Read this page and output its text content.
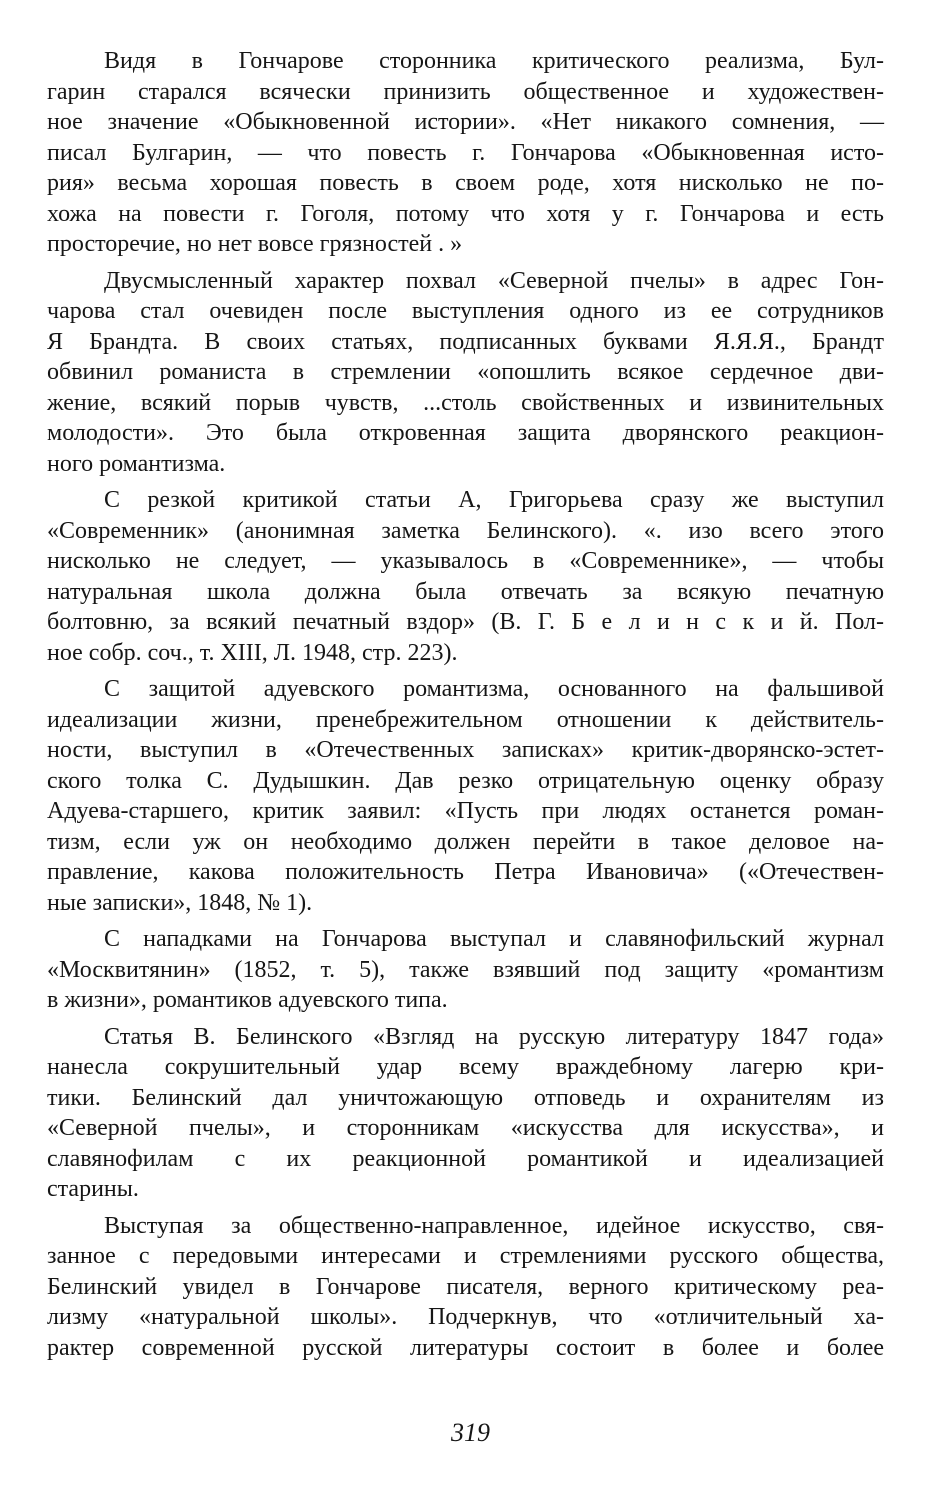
Видя в Гончарове сторонника критического реализма, Бул-
гарин старался всячески принизить общественное и художествен-
ное значение «Обыкновенной истории». «Нет никакого сомнения, —
писал Булгарин, — что повесть г. Гончарова «Обыкновенная исто-
рия» весьма хорошая повесть в своем роде, хотя нисколько не по-
хожа на повести г. Гоголя, потому что хотя у г. Гончарова и есть
простоpечие, но нет вовсе грязностей . »
Двусмысленный характер похвал «Северной пчелы» в адрес Гон-
чарова стал очевиден после выступления одного из ее сотрудников
Я Брандта. В своих статьях, подписанных буквами Я.Я.Я., Брандт
обвинил романиста в стремлении «опошлить всякое сердечное дви-
жение, всякий порыв чувств, ...столь свойственных и извинительных
молодости». Это была откровенная защита дворянского реакцион-
ного романтизма.
С резкой критикой статьи А, Григорьева сразу же выступил
«Современник» (анонимная заметка Белинского). «. изо всего этого
нисколько не следует, — указывалось в «Современнике», — чтобы
натуральная школа должна была отвечать за всякую печатную
болтовню, за всякий печатный вздор» (В. Г. Б е л и н с к и й. Пол-
ное собр. соч., т. XIII, Л. 1948, стр. 223).
С защитой адуевского романтизма, основанного на фальшивой
идеализации жизни, пренебрежительном отношении к действитель-
ности, выступил в «Отечественных записках» критик-дворянско-эстет-
ского толка С. Дудышкин. Дав резко отрицательную оценку образу
Адуева-старшего, критик заявил: «Пусть при людях останется роман-
тизм, если уж он необходимо должен перейти в такое деловое на-
правление, какова положительность Петра Ивановича» («Отечествен-
ные записки», 1848, № 1).
С нападками на Гончарова выступал и славянофильский журнал
«Москвитянин» (1852, т. 5), также взявший под защиту «романтизм
в жизни», романтиков адуевского типа.
Статья В. Белинского «Взгляд на русскую литературу 1847 года»
нанесла сокрушительный удар всему враждебному лагерю кри-
тики. Белинский дал уничтожающую отповедь и охранителям из
«Северной пчелы», и сторонникам «искусства для искусства», и
славянофилам с их реакционной романтикой и идеализацией
старины.
Выступая за общественно-направленное, идейное искусство, свя-
занное с передовыми интересами и стремлениями русского общества,
Белинский увидел в Гончарове писателя, верного критическому реа-
лизму «натуральной школы». Подчеркнув, что «отличительный ха-
рактер современной русской литературы состоит в более и более
319
